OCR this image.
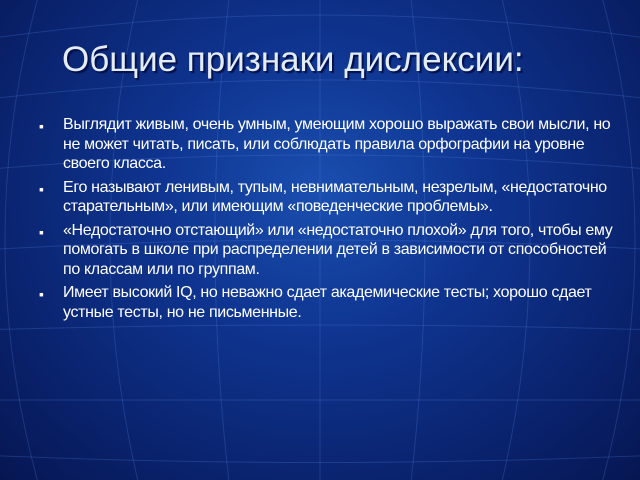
Общие признаки дислексии:
▪ Выглядит живым, очень умным, умеющим хорошо выражать свои мысли, но не может читать, писать, или соблюдать правила орфографии на уровне своего класса.
▪ Его называют ленивым, тупым, невнимательным, незрелым, «недостаточно старательным», или имеющим «поведенческие проблемы».
▪ «Недостаточно отстающий» или «недостаточно плохой» для того, чтобы ему помогать в школе при распределении детей в зависимости от способностей по классам или по группам.
▪ Имеет высокий IQ, но неважно сдает академические тесты; хорошо сдает устные тесты, но не письменные.
